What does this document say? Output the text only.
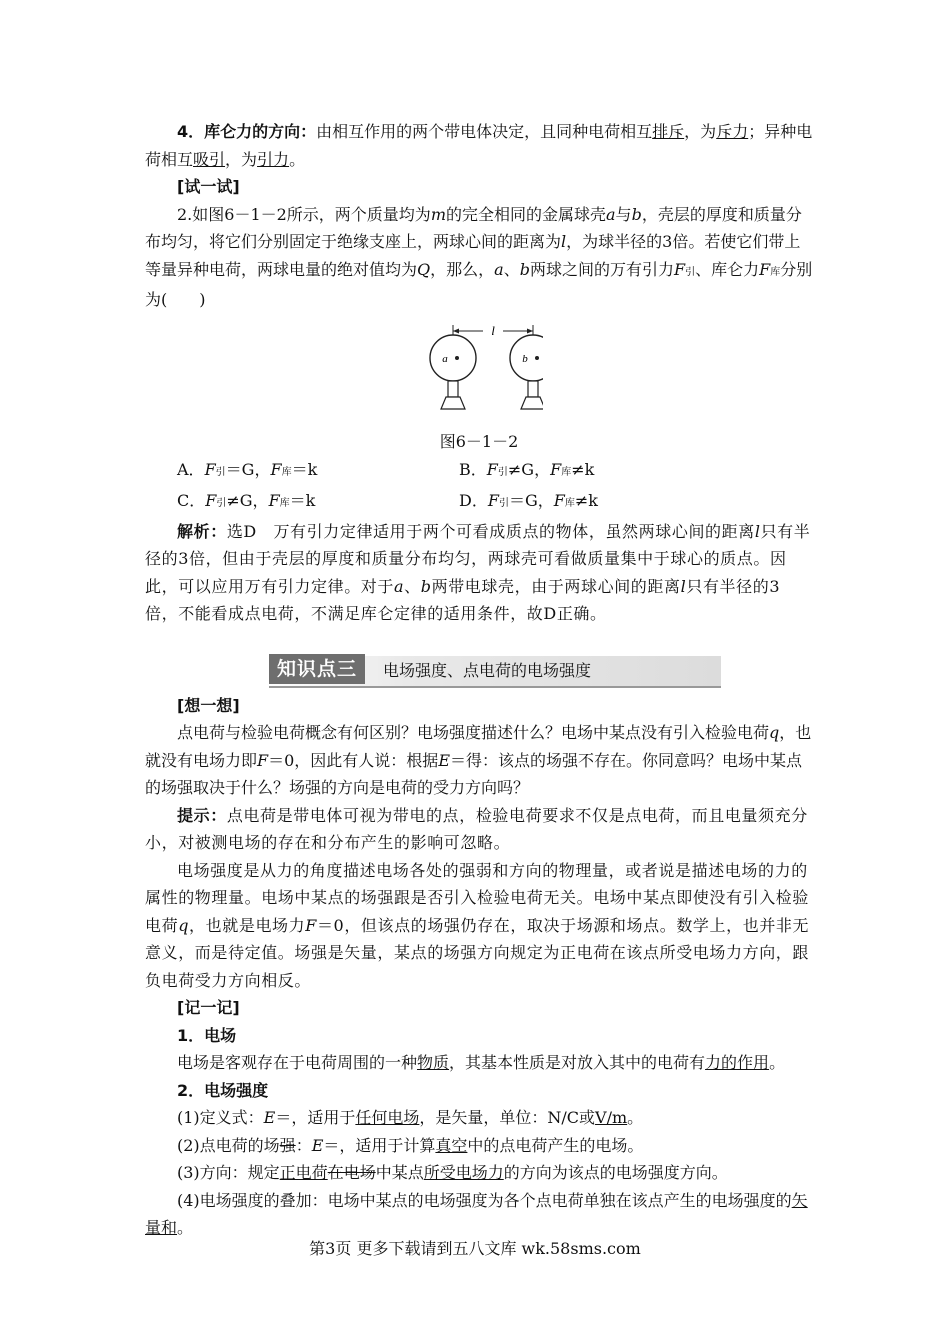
4．库仑力的方向：由相互作用的两个带电体决定，且同种电荷相互排斥，为斥力；异种电荷相互吸引，为引力。

[试一试]

2.如图6－1－2所示，两个质量均为m的完全相同的金属球壳a与b，壳层的厚度和质量分布均匀，将它们分别固定于绝缘支座上，两球心间的距离为l，为球半径的3倍。若使它们带上等量异种电荷，两球电量的绝对值均为Q，那么，a、b两球之间的万有引力F引、库仑力F库分别为(　　)

l
a	b

图6－1－2

A．F引＝G，F库＝k	B．F引≠G，F库≠k
C．F引≠G，F库＝k	D．F引＝G，F库≠k

解析：选D　万有引力定律适用于两个可看成质点的物体，虽然两球心间的距离l只有半径的3倍，但由于壳层的厚度和质量分布均匀，两球壳可看做质量集中于球心的质点。因此，可以应用万有引力定律。对于a、b两带电球壳，由于两球心间的距离l只有半径的3倍，不能看成点电荷，不满足库仑定律的适用条件，故D正确。

知识点三	电场强度、点电荷的电场强度

[想一想]

点电荷与检验电荷概念有何区别？电场强度描述什么？电场中某点没有引入检验电荷q，也就没有电场力即F＝0，因此有人说：根据E＝得：该点的场强不存在。你同意吗？电场中某点的场强取决于什么？场强的方向是电荷的受力方向吗？

提示：点电荷是带电体可视为带电的点，检验电荷要求不仅是点电荷，而且电量须充分小，对被测电场的存在和分布产生的影响可忽略。

电场强度是从力的角度描述电场各处的强弱和方向的物理量，或者说是描述电场的力的属性的物理量。电场中某点的场强跟是否引入检验电荷无关。电场中某点即使没有引入检验电荷q，也就是电场力F＝0，但该点的场强仍存在，取决于场源和场点。数学上，也并非无意义，而是待定值。场强是矢量，某点的场强方向规定为正电荷在该点所受电场力方向，跟负电荷受力方向相反。

[记一记]

1．电场

电场是客观存在于电荷周围的一种物质，其基本性质是对放入其中的电荷有力的作用。

2．电场强度

(1)定义式：E＝，适用于任何电场，是矢量，单位：N/C或V/m。

(2)点电荷的场强：E＝，适用于计算真空中的点电荷产生的电场。

(3)方向：规定正电荷在电场中某点所受电场力的方向为该点的电场强度方向。

(4)电场强度的叠加：电场中某点的电场强度为各个点电荷单独在该点产生的电场强度的矢量和。

第3页 更多下载请到五八文库 wk.58sms.com
